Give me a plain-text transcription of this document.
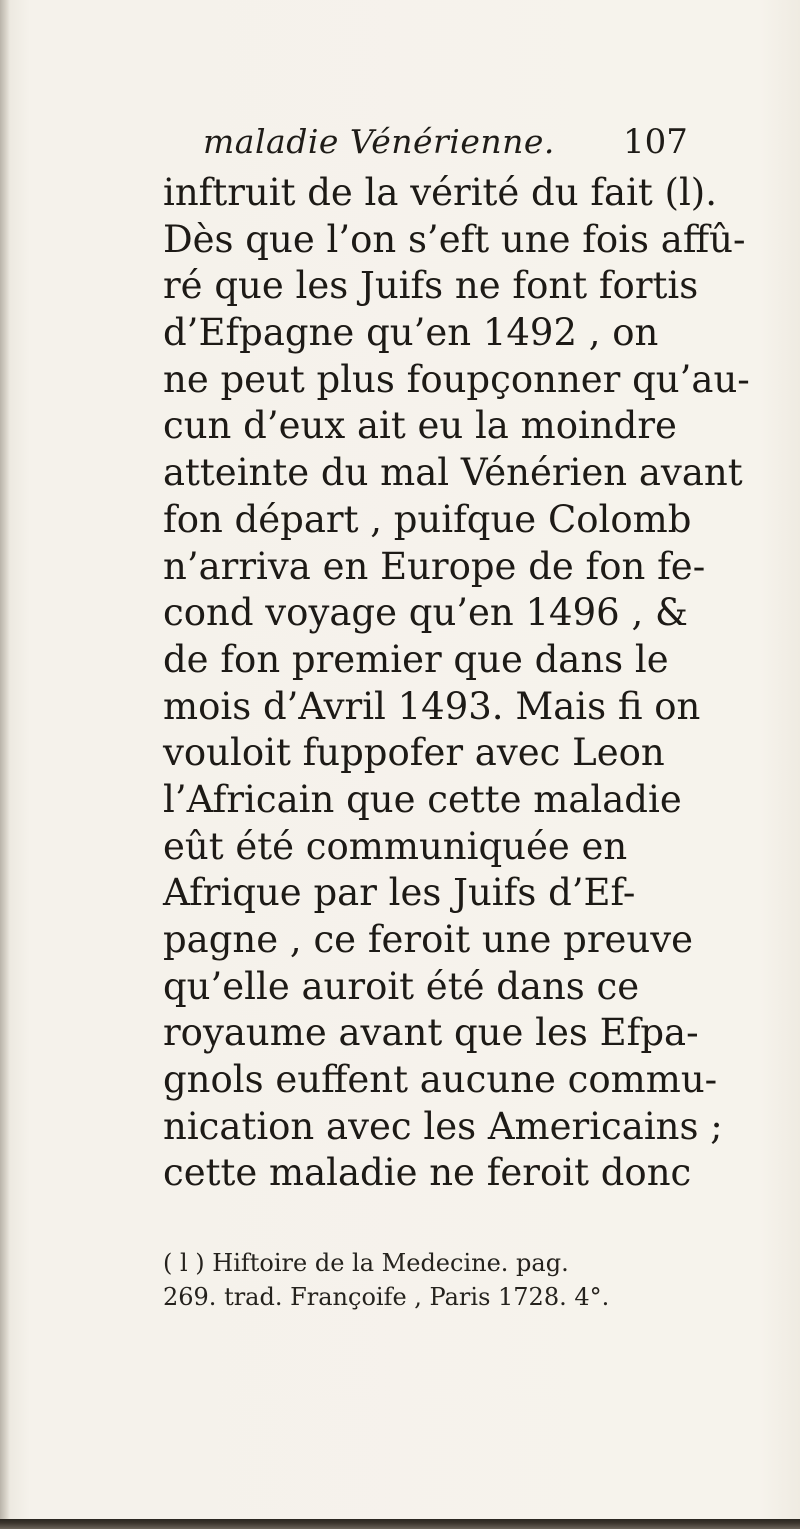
maladie Vénérienne. 107
inftruit de la vérité du fait (l).
Dès que l’on s’eft une fois affû-
ré que les Juifs ne font fortis
d’Efpagne qu’en 1492 , on
ne peut plus foupçonner qu’au-
cun d’eux ait eu la moindre
atteinte du mal Vénérien avant
fon départ , puifque Colomb
n’arriva en Europe de fon fe-
cond voyage qu’en 1496 , &
de fon premier que dans le
mois d’Avril 1493. Mais fi on
vouloit fuppofer avec Leon
l’Africain que cette maladie
eût été communiquée en
Afrique par les Juifs d’Ef-
pagne , ce feroit une preuve
qu’elle auroit été dans ce
royaume avant que les Efpa-
gnols euffent aucune commu-
nication avec les Americains ;
cette maladie ne feroit donc
( l ) Hiftoire de la Medecine. pag.
269. trad. Françoife , Paris 1728. 4°.
